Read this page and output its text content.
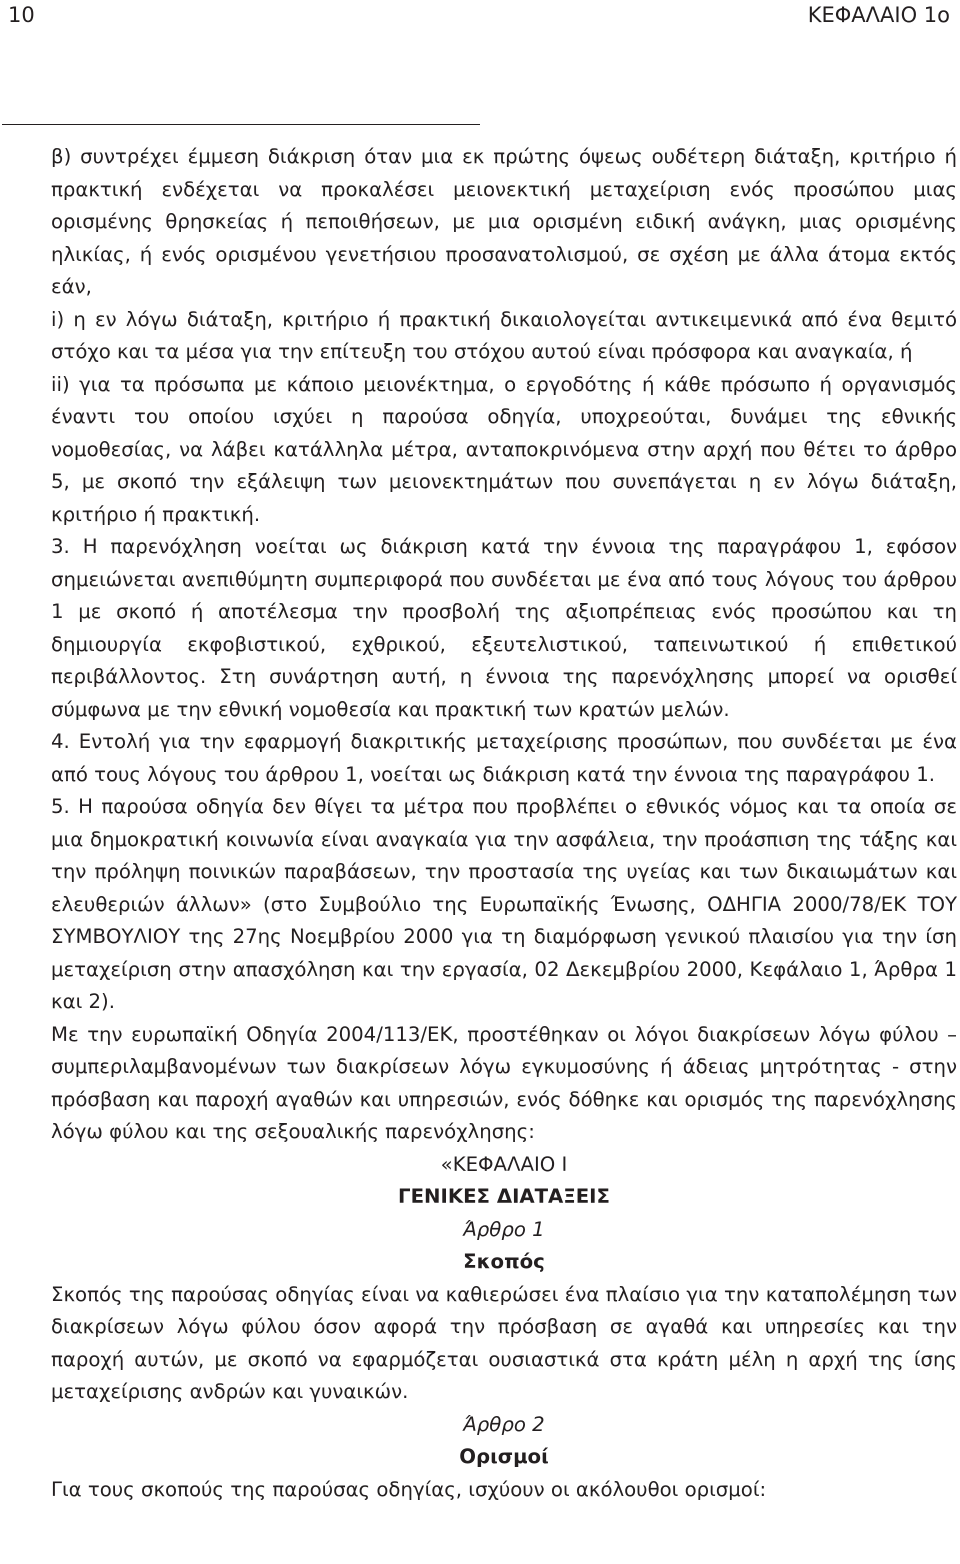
10	ΚΕΦΑΛΑΙΟ 1ο

β) συντρέχει έμμεση διάκριση όταν μια εκ πρώτης όψεως ουδέτερη διάταξη, κριτήριο ή πρακτική ενδέχεται να προκαλέσει μειονεκτική μεταχείριση ενός προσώπου μιας ορισμένης θρησκείας ή πεποιθήσεων, με μια ορισμένη ειδική ανάγκη, μιας ορισμένης ηλικίας, ή ενός ορισμένου γενετήσιου προσανατολισμού, σε σχέση με άλλα άτομα εκτός εάν,

i) η εν λόγω διάταξη, κριτήριο ή πρακτική δικαιολογείται αντικειμενικά από ένα θεμιτό στόχο και τα μέσα για την επίτευξη του στόχου αυτού είναι πρόσφορα και αναγκαία, ή

ii) για τα πρόσωπα με κάποιο μειονέκτημα, ο εργοδότης ή κάθε πρόσωπο ή οργανισμός έναντι του οποίου ισχύει η παρούσα οδηγία, υποχρεούται, δυνάμει της εθνικής νομοθεσίας, να λάβει κατάλληλα μέτρα, ανταποκρινόμενα στην αρχή που θέτει το άρθρο 5, με σκοπό την εξάλειψη των μειονεκτημάτων που συνεπάγεται η εν λόγω διάταξη, κριτήριο ή πρακτική.

3. Η παρενόχληση νοείται ως διάκριση κατά την έννοια της παραγράφου 1, εφόσον σημειώνεται ανεπιθύμητη συμπεριφορά που συνδέεται με ένα από τους λόγους του άρθρου 1 με σκοπό ή αποτέλεσμα την προσβολή της αξιοπρέπειας ενός προσώπου και τη δημιουργία εκφοβιστικού, εχθρικού, εξευτελιστικού, ταπεινωτικού ή επιθετικού περιβάλλοντος. Στη συνάρτηση αυτή, η έννοια της παρενόχλησης μπορεί να ορισθεί σύμφωνα με την εθνική νομοθεσία και πρακτική των κρατών μελών.

4. Εντολή για την εφαρμογή διακριτικής μεταχείρισης προσώπων, που συνδέεται με ένα από τους λόγους του άρθρου 1, νοείται ως διάκριση κατά την έννοια της παραγράφου 1.

5. Η παρούσα οδηγία δεν θίγει τα μέτρα που προβλέπει ο εθνικός νόμος και τα οποία σε μια δημοκρατική κοινωνία είναι αναγκαία για την ασφάλεια, την προάσπιση της τάξης και την πρόληψη ποινικών παραβάσεων, την προστασία της υγείας και των δικαιωμάτων και ελευθεριών άλλων» (στο Συμβούλιο της Ευρωπαϊκής Ένωσης, ΟΔΗΓΙΑ 2000/78/ΕΚ ΤΟΥ ΣΥΜΒΟΥΛΙΟΥ της 27ης Νοεμβρίου 2000 για τη διαμόρφωση γενικού πλαισίου για την ίση μεταχείριση στην απασχόληση και την εργασία, 02 Δεκεμβρίου 2000, Κεφάλαιο 1, Άρθρα 1 και 2).

Με την ευρωπαϊκή Οδηγία 2004/113/ΕΚ, προστέθηκαν οι λόγοι διακρίσεων λόγω φύλου – συμπεριλαμβανομένων των διακρίσεων λόγω εγκυμοσύνης ή άδειας μητρότητας - στην πρόσβαση και παροχή αγαθών και υπηρεσιών, ενός δόθηκε και ορισμός της παρενόχλησης λόγω φύλου και της σεξουαλικής παρενόχλησης:

«ΚΕΦΑΛΑΙΟ Ι

ΓΕΝΙΚΕΣ ΔΙΑΤΑΞΕΙΣ

Άρθρο 1

Σκοπός

Σκοπός της παρούσας οδηγίας είναι να καθιερώσει ένα πλαίσιο για την καταπολέμηση των διακρίσεων λόγω φύλου όσον αφορά την πρόσβαση σε αγαθά και υπηρεσίες και την παροχή αυτών, με σκοπό να εφαρμόζεται ουσιαστικά στα κράτη μέλη η αρχή της ίσης μεταχείρισης ανδρών και γυναικών.

Άρθρο 2

Ορισμοί

Για τους σκοπούς της παρούσας οδηγίας, ισχύουν οι ακόλουθοι ορισμοί:
